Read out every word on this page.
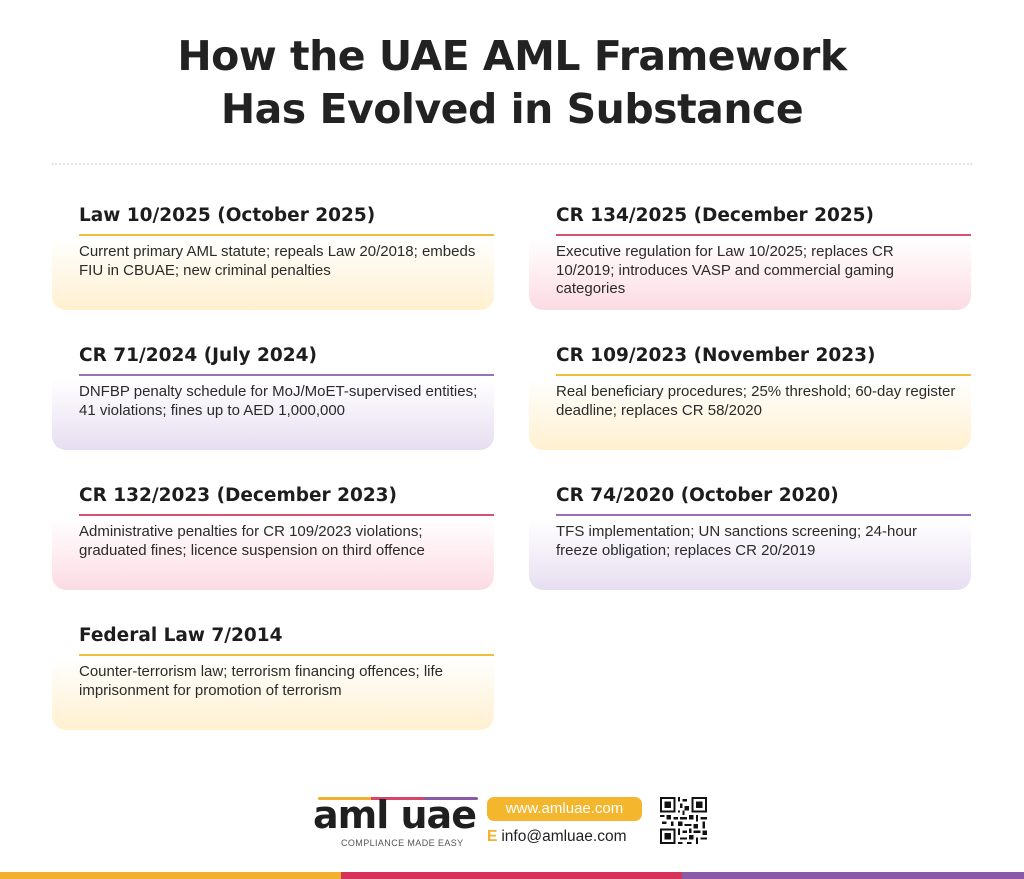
How the UAE AML Framework
Has Evolved in Substance
Law 10/2025 (October 2025)
Current primary AML statute; repeals Law 20/2018; embeds FIU in CBUAE; new criminal penalties
CR 71/2024 (July 2024)
DNFBP penalty schedule for MoJ/MoET-supervised entities; 41 violations; fines up to AED 1,000,000
CR 132/2023 (December 2023)
Administrative penalties for CR 109/2023 violations; graduated fines; licence suspension on third offence
Federal Law 7/2014
Counter-terrorism law; terrorism financing offences; life imprisonment for promotion of terrorism
CR 134/2025 (December 2025)
Executive regulation for Law 10/2025; replaces CR 10/2019; introduces VASP and commercial gaming categories
CR 109/2023 (November 2023)
Real beneficiary procedures; 25% threshold; 60-day register deadline; replaces CR 58/2020
CR 74/2020 (October 2020)
TFS implementation; UN sanctions screening; 24-hour freeze obligation; replaces CR 20/2019
aml uae
COMPLIANCE MADE EASY
www.amluae.com
E info@amluae.com
